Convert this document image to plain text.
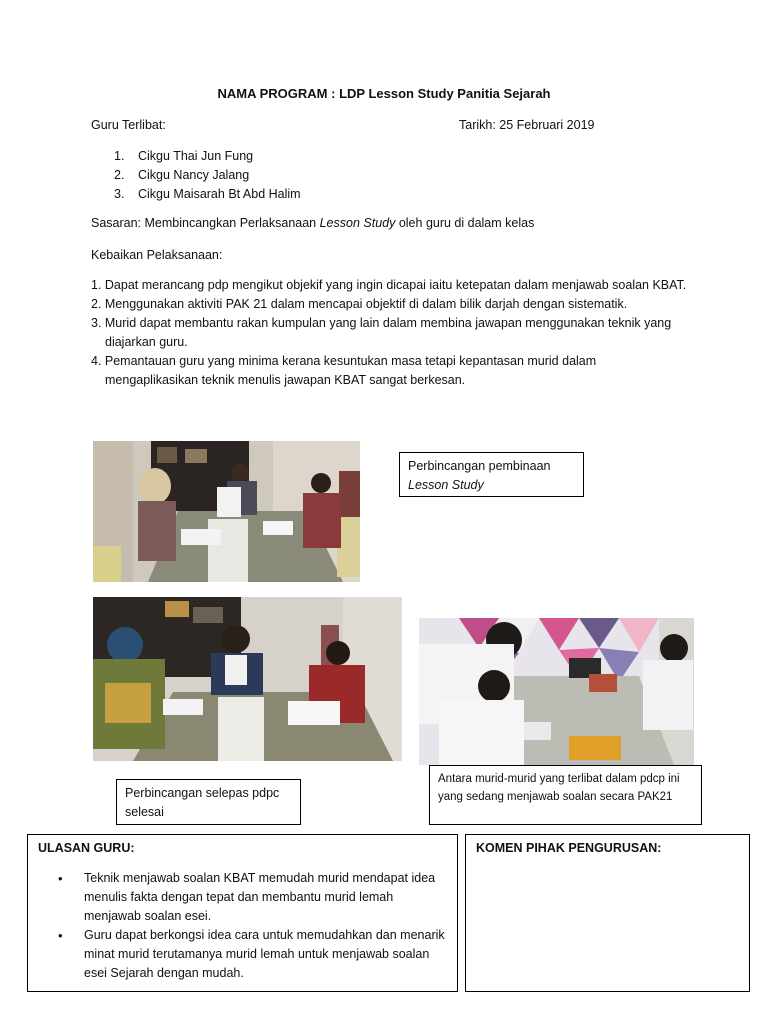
NAMA PROGRAM : LDP Lesson Study Panitia Sejarah
Guru Terlibat:	Tarikh: 25 Februari 2019
1. Cikgu Thai Jun Fung
2. Cikgu Nancy Jalang
3. Cikgu Maisarah Bt Abd Halim
Sasaran: Membincangkan Perlaksanaan Lesson Study oleh guru di dalam kelas
Kebaikan Pelaksanaan:
1. Dapat merancang pdp mengikut objekif yang ingin dicapai iaitu ketepatan dalam menjawab soalan KBAT.
2. Menggunakan aktiviti PAK 21 dalam mencapai objektif di dalam bilik darjah dengan sistematik.
3. Murid dapat membantu rakan kumpulan yang lain dalam membina jawapan menggunakan teknik yang diajarkan guru.
4. Pemantauan guru yang minima kerana kesuntukan masa tetapi kepantasan murid dalam mengaplikasikan teknik menulis jawapan KBAT sangat berkesan.
Perbincangan pembinaan
Lesson Study
Perbincangan selepas pdpc selesai
Antara murid-murid yang terlibat dalam pdcp ini yang sedang menjawab soalan secara PAK21
ULASAN GURU:
• Teknik menjawab soalan KBAT memudah murid mendapat idea menulis fakta dengan tepat dan membantu murid lemah menjawab soalan esei.
• Guru dapat berkongsi idea cara untuk memudahkan dan menarik minat murid terutamanya murid lemah untuk menjawab soalan esei Sejarah dengan mudah.
KOMEN PIHAK PENGURUSAN:
